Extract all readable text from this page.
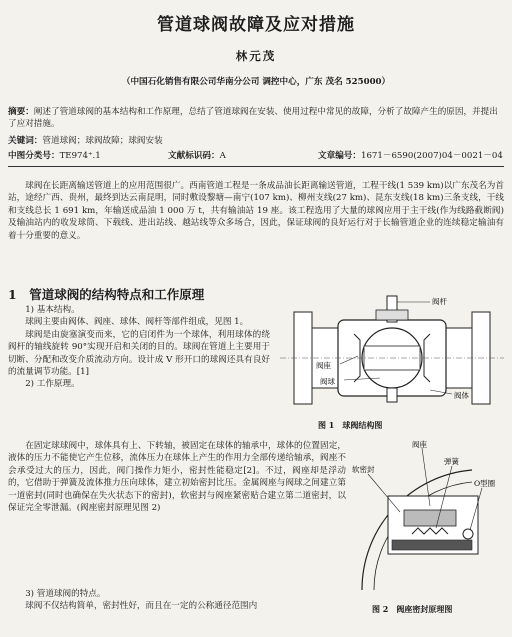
管道球阀故障及应对措施
林元茂
（中国石化销售有限公司华南分公司 调控中心，广东 茂名 525000）
摘要：阐述了管道球阀的基本结构和工作原理，总结了管道球阀在安装、使用过程中常见的故障，分析了故障产生的原因，并提出了应对措施。
关键词：管道球阀；球阀故障；球阀安装
中图分类号：TE974⁺.1	文献标识码：A	文章编号：1671－6590(2007)04－0021－04
球阀在长距离输送管道上的应用范围很广。西南管道工程是一条成品油长距离输送管道，工程干线(1 539 km)以广东茂名为首站，途经广西、贵州，最终到达云南昆明，同时敷设黎塘—南宁(107 km)、柳州支线(27 km)、昆东支线(18 km)三条支线，干线和支线总长 1 691 km，年输送成品油 1 000 万 t，共有输油站 19 座。该工程选用了大量的球阀应用于主干线(作为线路截断阀)及输油站内的收发球筒、下载线、进出站线、越站线等众多场合，因此，保证球阀的良好运行对于长输管道企业的连续稳定输油有着十分重要的意义。
1　管道球阀的结构特点和工作原理
1) 基本结构。
球阀主要由阀体、阀座、球体、阀杆等部件组成，见图 1。
球阀是由旋塞演变而来，它的启闭件为一个球体，利用球体的绕阀杆的轴线旋转 90°实现开启和关闭的目的。球阀在管道上主要用于切断、分配和改变介质流动方向。设计成 V 形开口的球阀还具有良好的流量调节功能。[1]
2) 工作原理。
在固定球球阀中，球体具有上、下转轴，被固定在球体的轴承中，球体的位置固定，液体的压力不能使它产生位移，流体压力在球体上产生的作用力全部传递给轴承，阀座不会承受过大的压力，因此，阀门操作力矩小，密封性能稳定[2]。不过，阀座却是浮动的，它借助于弹簧及流体推力压向球体，建立初始密封比压。金属阀座与阀球之间建立第一道密封(同时也确保在失火状态下的密封)，软密封与阀座紧密贴合建立第二道密封，以保证完全零泄漏。(阀座密封原理见图 2)
3) 管道球阀的特点。
球阀不仅结构简单，密封性好，而且在一定的公称通径范围内
阀杆
阀座
阀球
阀体
图 1　球阀结构图
阀座
软密封
弹簧
O型圈
图 2　阀座密封原理图
